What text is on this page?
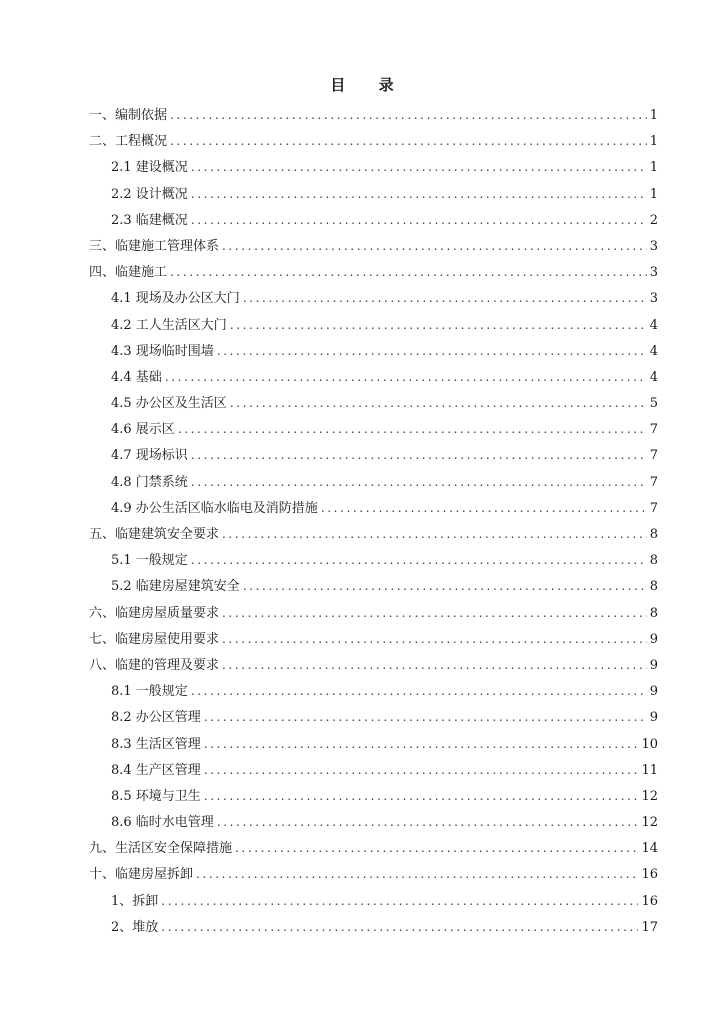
目 录
一、编制依据 .....	1
二、工程概况 .....	1
2.1 建设概况 .....	1
2.2 设计概况 .....	1
2.3 临建概况 .....	2
三、临建施工管理体系 .....	3
四、临建施工 .....	3
4.1 现场及办公区大门 .....	3
4.2 工人生活区大门 .....	4
4.3 现场临时围墙 .....	4
4.4 基础 .....	4
4.5 办公区及生活区 .....	5
4.6 展示区 .....	7
4.7 现场标识 .....	7
4.8 门禁系统 .....	7
4.9 办公生活区临水临电及消防措施 .....	7
五、临建建筑安全要求 .....	8
5.1 一般规定 .....	8
5.2 临建房屋建筑安全 .....	8
六、临建房屋质量要求 .....	8
七、临建房屋使用要求 .....	9
八、临建的管理及要求 .....	9
8.1 一般规定 .....	9
8.2 办公区管理 .....	9
8.3 生活区管理 .....	10
8.4 生产区管理 .....	11
8.5 环境与卫生 .....	12
8.6 临时水电管理 .....	12
九、生活区安全保障措施 .....	14
十、临建房屋拆卸 .....	16
1、拆卸 .....	16
2、堆放 .....	17
